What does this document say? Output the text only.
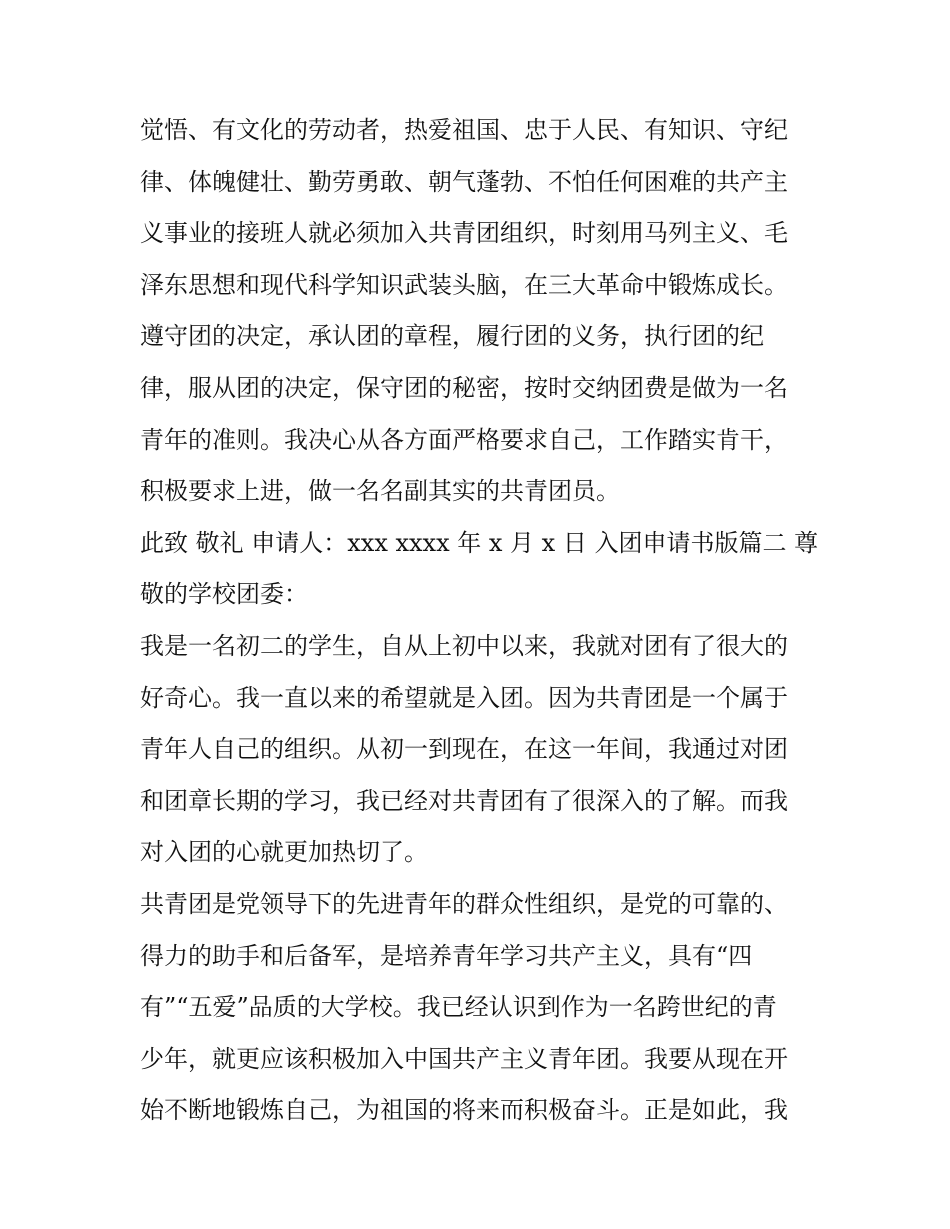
觉悟、有文化的劳动者，热爱祖国、忠于人民、有知识、守纪
律、体魄健壮、勤劳勇敢、朝气蓬勃、不怕任何困难的共产主
义事业的接班人就必须加入共青团组织，时刻用马列主义、毛
泽东思想和现代科学知识武装头脑，在三大革命中锻炼成长。
遵守团的决定，承认团的章程，履行团的义务，执行团的纪
律，服从团的决定，保守团的秘密，按时交纳团费是做为一名
青年的准则。我决心从各方面严格要求自己，工作踏实肯干，
积极要求上进，做一名名副其实的共青团员。
此致 敬礼 申请人：xxx xxxx 年 x 月 x 日 入团申请书版篇二 尊
敬的学校团委：
我是一名初二的学生，自从上初中以来，我就对团有了很大的
好奇心。我一直以来的希望就是入团。因为共青团是一个属于
青年人自己的组织。从初一到现在，在这一年间，我通过对团
和团章长期的学习，我已经对共青团有了很深入的了解。而我
对入团的心就更加热切了。
共青团是党领导下的先进青年的群众性组织，是党的可靠的、
得力的助手和后备军，是培养青年学习共产主义，具有“四
有”“五爱”品质的大学校。我已经认识到作为一名跨世纪的青
少年，就更应该积极加入中国共产主义青年团。我要从现在开
始不断地锻炼自己，为祖国的将来而积极奋斗。正是如此，我
